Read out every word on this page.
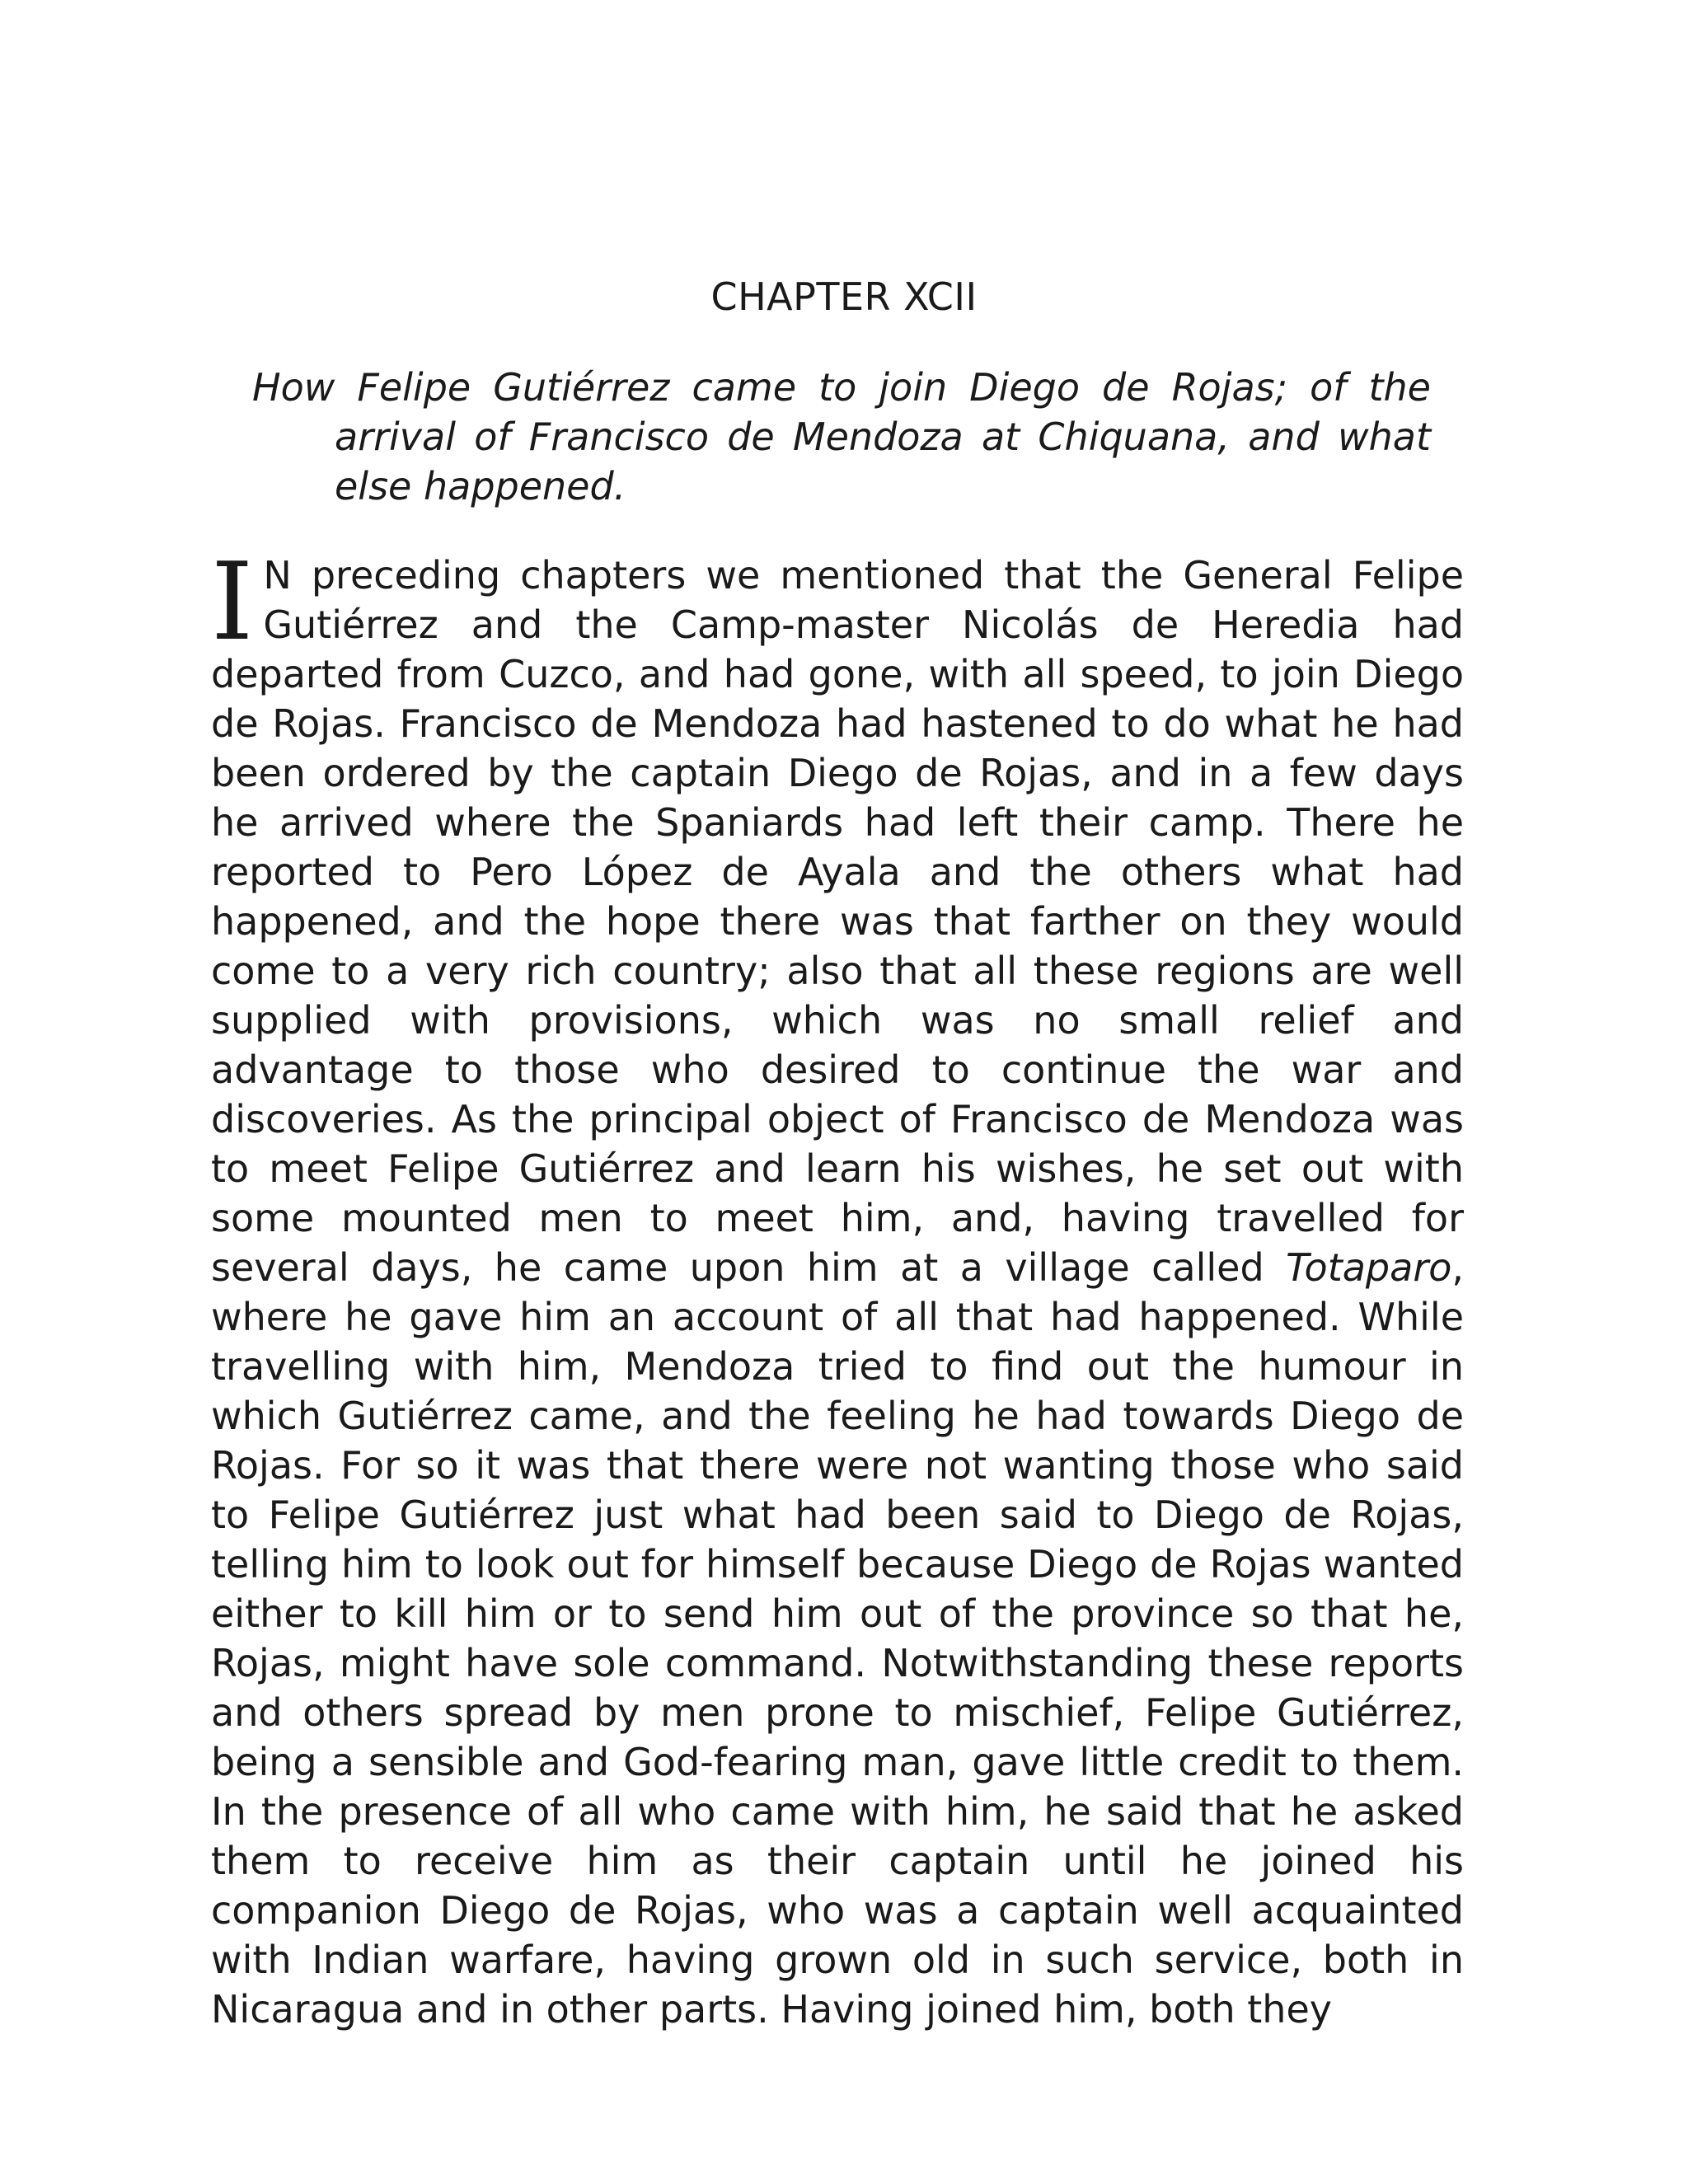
CHAPTER XCII
How Felipe Gutiérrez came to join Diego de Rojas; of the arrival of Francisco de Mendoza at Chiquana, and what else happened.

I N preceding chapters we mentioned that the General Felipe Gutiérrez and the Camp-master Nicolás de Heredia had departed from Cuzco, and had gone, with all speed, to join Diego de Rojas. Francisco de Mendoza had hastened to do what he had been ordered by the captain Diego de Rojas, and in a few days he arrived where the Spaniards had left their camp. There he reported to Pero López de Ayala and the others what had happened, and the hope there was that farther on they would come to a very rich country; also that all these regions are well supplied with provisions, which was no small relief and advantage to those who desired to continue the war and discoveries. As the principal object of Francisco de Mendoza was to meet Felipe Gutiérrez and learn his wishes, he set out with some mounted men to meet him, and, having travelled for several days, he came upon him at a village called Totaparo, where he gave him an account of all that had happened. While travelling with him, Mendoza tried to find out the humour in which Gutiérrez came, and the feeling he had towards Diego de Rojas. For so it was that there were not wanting those who said to Felipe Gutiérrez just what had been said to Diego de Rojas, telling him to look out for himself because Diego de Rojas wanted either to kill him or to send him out of the province so that he, Rojas, might have sole command. Notwithstanding these reports and others spread by men prone to mischief, Felipe Gutiérrez, being a sensible and God-fearing man, gave little credit to them. In the presence of all who came with him, he said that he asked them to receive him as their captain until he joined his companion Diego de Rojas, who was a captain well acquainted with Indian warfare, having grown old in such service, both in Nicaragua and in other parts. Having joined him, both they
